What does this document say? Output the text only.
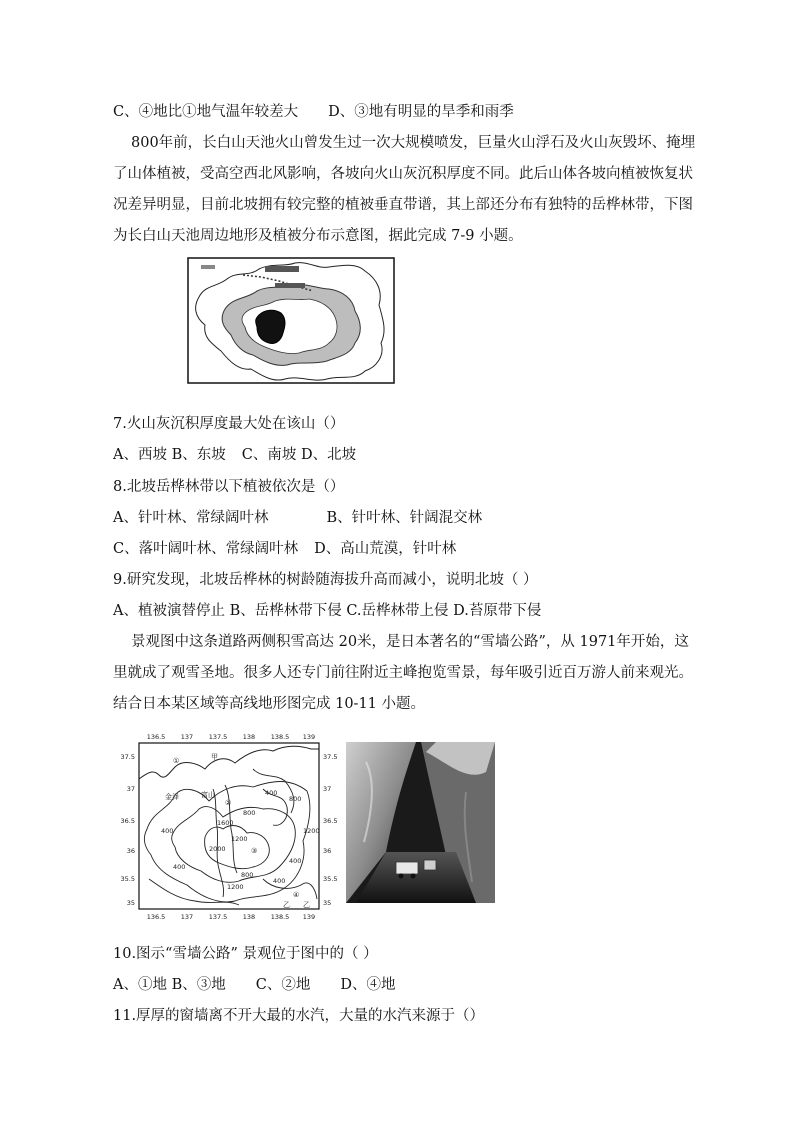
C、④地比①地气温年较差大 D、③地有明显的旱季和雨季
800年前，长白山天池火山曾发生过一次大规模喷发，巨量火山浮石及火山灰毁坏、掩埋
了山体植被，受高空西北风影响，各坡向火山灰沉积厚度不同。此后山体各坡向植被恢复状
况差异明显，目前北坡拥有较完整的植被垂直带谱，其上部还分布有独特的岳桦林带，下图
为长白山天池周边地形及植被分布示意图，据此完成 7-9 小题。
7.火山灰沉积厚度最大处在该山（）
A、西坡 B、东坡 C、南坡 D、北坡
8.北坡岳桦林带以下植被依次是（）
A、针叶林、常绿阔叶林	B、针叶林、针阔混交林
C、落叶阔叶林、常绿阔叶林 D、高山荒漠，针叶林
9.研究发现，北坡岳桦林的树龄随海拔升高而减小，说明北坡（ ）
A、植被演替停止 B、岳桦林带下侵 C.岳桦林带上侵 D.苔原带下侵
景观图中这条道路两侧积雪高达 20米，是日本著名的“雪墙公路”，从 1971年开始，这
里就成了观雪圣地。很多人还专门前往附近主峰抱览雪景，每年吸引近百万游人前来观光。
结合日本某区域等高线地形图完成 10-11 小题。
136.5 137 137.5 138 138.5 139
136.5 137 137.5 138 138.5 139
37.5
37
36.5
36
35.5
35
37.5
37
36.5
36
35.5
35
甲
乙 乙
金泽	富山	400
800
1600
1200
2000
400
800
1200
400
400
800
1200
400
①
②
③
④
10.图示“雪墙公路” 景观位于图中的（ ）
A、①地 B、③地 C、②地 D、④地
11.厚厚的窗墙离不开大最的水汽，大量的水汽来源于（）
